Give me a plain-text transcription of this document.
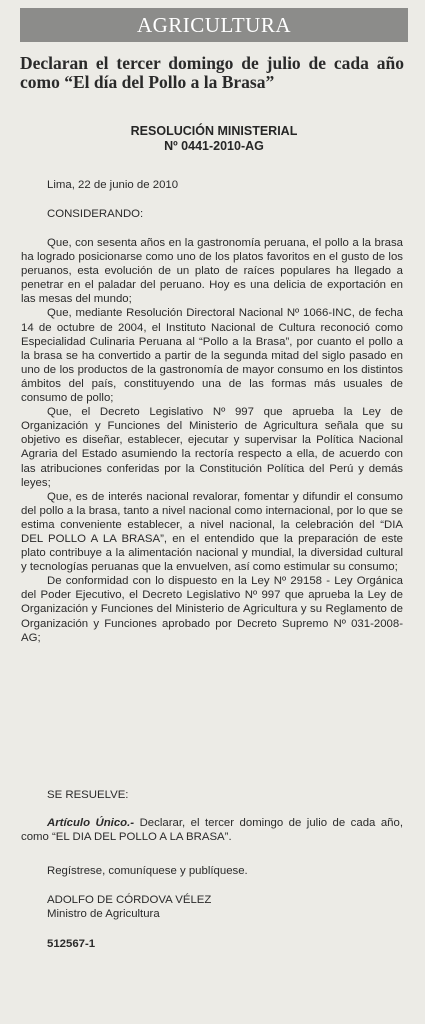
AGRICULTURA
Declaran el tercer domingo de julio de cada año como “El día del Pollo a la Brasa”
RESOLUCIÓN MINISTERIAL
Nº 0441-2010-AG
Lima, 22 de junio de 2010
CONSIDERANDO:

Que, con sesenta años en la gastronomía peruana, el pollo a la brasa ha logrado posicionarse como uno de los platos favoritos en el gusto de los peruanos, esta evolución de un plato de raíces populares ha llegado a penetrar en el paladar del peruano. Hoy es una delicia de exportación en las mesas del mundo;

Que, mediante Resolución Directoral Nacional Nº 1066-INC, de fecha 14 de octubre de 2004, el Instituto Nacional de Cultura reconoció como Especialidad Culinaria Peruana al “Pollo a la Brasa”, por cuanto el pollo a la brasa se ha convertido a partir de la segunda mitad del siglo pasado en uno de los productos de la gastronomía de mayor consumo en los distintos ámbitos del país, constituyendo una de las formas más usuales de consumo de pollo;

Que, el Decreto Legislativo Nº 997 que aprueba la Ley de Organización y Funciones del Ministerio de Agricultura señala que su objetivo es diseñar, establecer, ejecutar y supervisar la Política Nacional Agraria del Estado asumiendo la rectoría respecto a ella, de acuerdo con las atribuciones conferidas por la Constitución Política del Perú y demás leyes;

Que, es de interés nacional revalorar, fomentar y difundir el consumo del pollo a la brasa, tanto a nivel nacional como internacional, por lo que se estima conveniente establecer, a nivel nacional, la celebración del “DIA DEL POLLO A LA BRASA”, en el entendido que la preparación de este plato contribuye a la alimentación nacional y mundial, la diversidad cultural y tecnologías peruanas que la envuelven, así como estimular su consumo;

De conformidad con lo dispuesto en la Ley Nº 29158 - Ley Orgánica del Poder Ejecutivo, el Decreto Legislativo Nº 997 que aprueba la Ley de Organización y Funciones del Ministerio de Agricultura y su Reglamento de Organización y Funciones aprobado por Decreto Supremo Nº 031-2008-AG;

SE RESUELVE:
Artículo Único.- Declarar, el tercer domingo de julio de cada año, como “EL DIA DEL POLLO A LA BRASA”.
Regístrese, comuníquese y publíquese.
ADOLFO DE CÓRDOVA VÉLEZ
Ministro de Agricultura
512567-1
